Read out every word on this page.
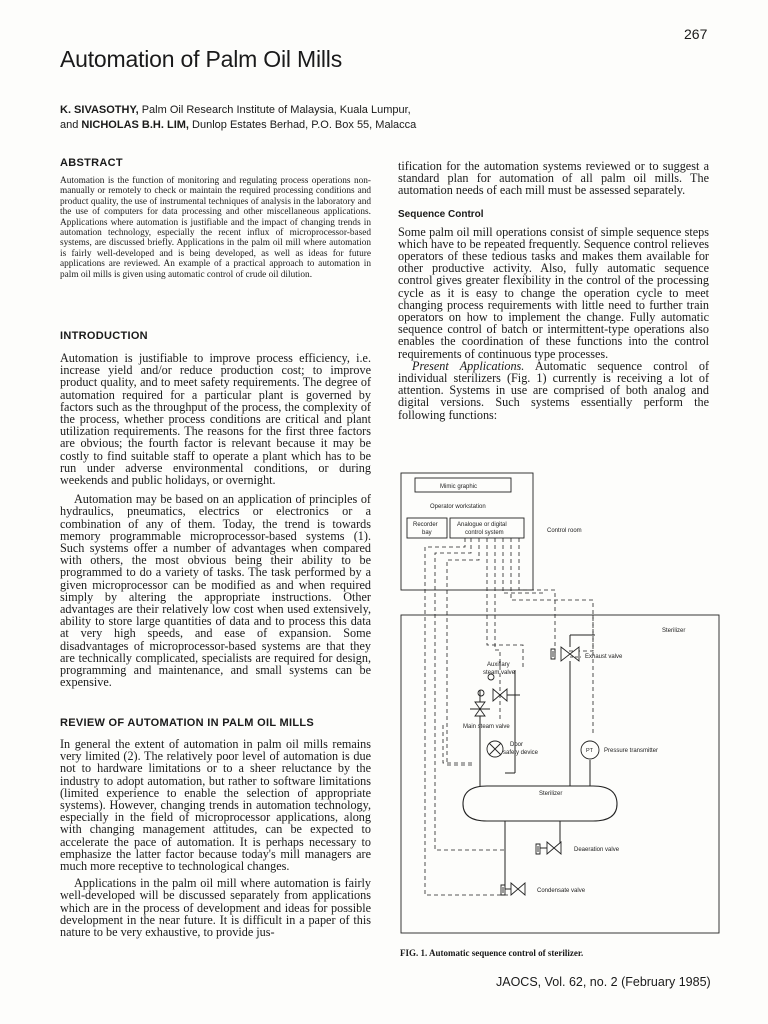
267
Automation of Palm Oil Mills
K. SIVASOTHY, Palm Oil Research Institute of Malaysia, Kuala Lumpur,
and NICHOLAS B.H. LIM, Dunlop Estates Berhad, P.O. Box 55, Malacca
ABSTRACT

Automation is the function of monitoring and regulating process operations non-manually or remotely to check or maintain the required processing conditions and product quality, the use of instrumental techniques of analysis in the laboratory and the use of computers for data processing and other miscellaneous applications. Applications where automation is justifiable and the impact of changing trends in automation technology, especially the recent influx of microprocessor-based systems, are discussed briefly. Applications in the palm oil mill where automation is fairly well-developed and is being developed, as well as ideas for future applications are reviewed. An example of a practical approach to automation in palm oil mills is given using automatic control of crude oil dilution.

INTRODUCTION

Automation is justifiable to improve process efficiency, i.e. increase yield and/or reduce production cost; to improve product quality, and to meet safety requirements. The degree of automation required for a particular plant is governed by factors such as the throughput of the process, the complexity of the process, whether process conditions are critical and plant utilization requirements. The reasons for the first three factors are obvious; the fourth factor is relevant because it may be costly to find suitable staff to operate a plant which has to be run under adverse environmental conditions, or during weekends and public holidays, or overnight.

Automation may be based on an application of principles of hydraulics, pneumatics, electrics or electronics or a combination of any of them. Today, the trend is towards memory programmable microprocessor-based systems (1). Such systems offer a number of advantages when compared with others, the most obvious being their ability to be programmed to do a variety of tasks. The task performed by a given microprocessor can be modified as and when required simply by altering the appropriate instructions. Other advantages are their relatively low cost when used extensively, ability to store large quantities of data and to process this data at very high speeds, and ease of expansion. Some disadvantages of microprocessor-based systems are that they are technically complicated, specialists are required for design, programming and maintenance, and small systems can be expensive.

REVIEW OF AUTOMATION IN PALM OIL MILLS

In general the extent of automation in palm oil mills remains very limited (2). The relatively poor level of automation is due not to hardware limitations or to a sheer reluctance by the industry to adopt automation, but rather to software limitations (limited experience to enable the selection of appropriate systems). However, changing trends in automation technology, especially in the field of microprocessor applications, along with changing management attitudes, can be expected to accelerate the pace of automation. It is perhaps necessary to emphasize the latter factor because today's mill managers are much more receptive to technological changes.

Applications in the palm oil mill where automation is fairly well-developed will be discussed separately from applications which are in the process of development and ideas for possible development in the near future. It is difficult in a paper of this nature to be very exhaustive, to provide jus-

tification for the automation systems reviewed or to suggest a standard plan for automation of all palm oil mills. The automation needs of each mill must be assessed separately.

Sequence Control

Some palm oil mill operations consist of simple sequence steps which have to be repeated frequently. Sequence control relieves operators of these tedious tasks and makes them available for other productive activity. Also, fully automatic sequence control gives greater flexibility in the control of the processing cycle as it is easy to change the operation cycle to meet changing process requirements with little need to further train operators on how to implement the change. Fully automatic sequence control of batch or intermittent-type operations also enables the coordination of these functions into the control requirements of continuous type processes.

Present Applications. Automatic sequence control of individual sterilizers (Fig. 1) currently is receiving a lot of attention. Systems in use are comprised of both analog and digital versions. Such systems essentially perform the following functions:

Mimic graphic
Operator workstation
Recorder
bay
Analogue or digital
control system	Control room
Sterilizer
Exhaust valve
Auxiliary
steam valve
Main steam valve
Door
safety device	PT Pressure transmitter
Sterilizer
Deaeration valve
Condensate valve
FIG. 1. Automatic sequence control of sterilizer.
JAOCS, Vol. 62, no. 2 (February 1985)
